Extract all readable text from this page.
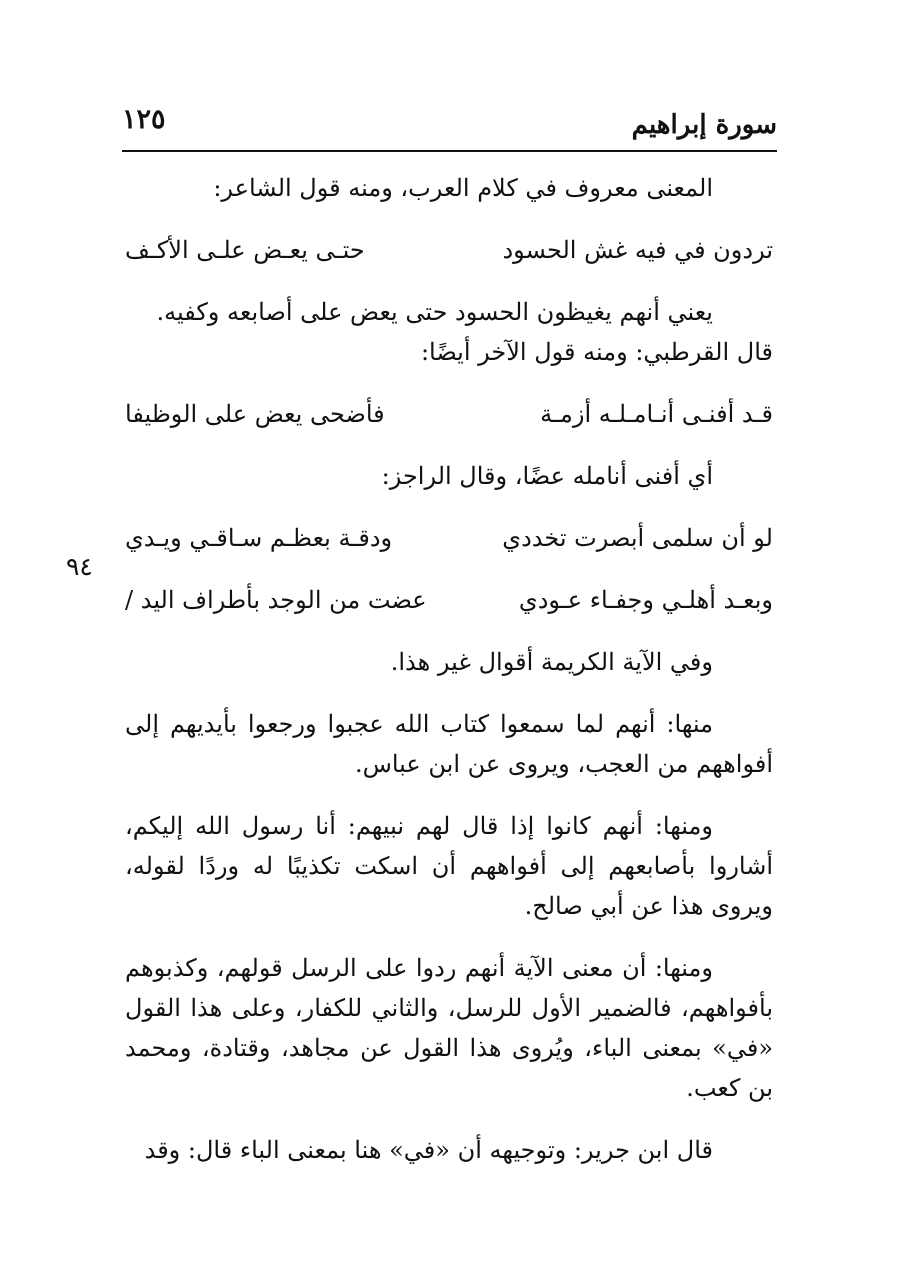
سورة إبراهيم
١٢٥
٩٤

المعنى معروف في كلام العرب، ومنه قول الشاعر:

تردون في فيه غش الحسود
حتـى يعـض علـى الأكـف

يعني أنهم يغيظون الحسود حتى يعض على أصابعه وكفيه.

قال القرطبي: ومنه قول الآخر أيضًا:

قـد أفنـى أنـامـلـه أزمـة
فأضحى يعض على الوظيفا

أي أفنى أنامله عضًا، وقال الراجز:

لو أن سلمى أبصرت تخددي
ودقـة بعظـم سـاقـي ويـدي
وبعـد أهلـي وجفـاء عـودي
عضت من الوجد بأطراف اليد /

وفي الآية الكريمة أقوال غير هذا.

منها: أنهم لما سمعوا كتاب الله عجبوا ورجعوا بأيديهم إلى أفواههم من العجب، ويروى عن ابن عباس.

ومنها: أنهم كانوا إذا قال لهم نبيهم: أنا رسول الله إليكم، أشاروا بأصابعهم إلى أفواههم أن اسكت تكذيبًا له وردًا لقوله، ويروى هذا عن أبي صالح.

ومنها: أن معنى الآية أنهم ردوا على الرسل قولهم، وكذبوهم بأفواههم، فالضمير الأول للرسل، والثاني للكفار، وعلى هذا القول «في» بمعنى الباء، ويُروى هذا القول عن مجاهد، وقتادة، ومحمد بن كعب.

قال ابن جرير: وتوجيهه أن «في» هنا بمعنى الباء قال: وقد
